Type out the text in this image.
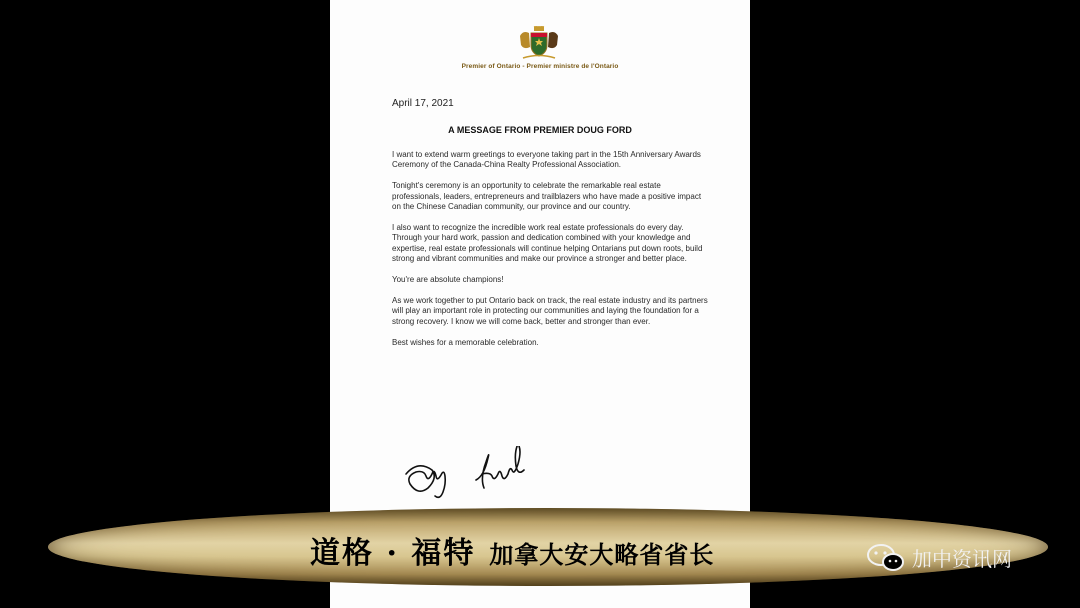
Premier of Ontario - Premier ministre de l'Ontario
April 17, 2021
A MESSAGE FROM PREMIER DOUG FORD

I want to extend warm greetings to everyone taking part in the 15th Anniversary Awards Ceremony of the Canada-China Realty Professional Association.

Tonight's ceremony is an opportunity to celebrate the remarkable real estate professionals, leaders, entrepreneurs and trailblazers who have made a positive impact on the Chinese Canadian community, our province and our country.

I also want to recognize the incredible work real estate professionals do every day. Through your hard work, passion and dedication combined with your knowledge and expertise, real estate professionals will continue helping Ontarians put down roots, build strong and vibrant communities and make our province a stronger and better place.

You're are absolute champions!

As we work together to put Ontario back on track, the real estate industry and its partners will play an important role in protecting our communities and laying the foundation for a strong recovery. I know we will come back, better and stronger than ever.

Best wishes for a memorable celebration.

道格 · 福特 加拿大安大略省省长	加中资讯网
